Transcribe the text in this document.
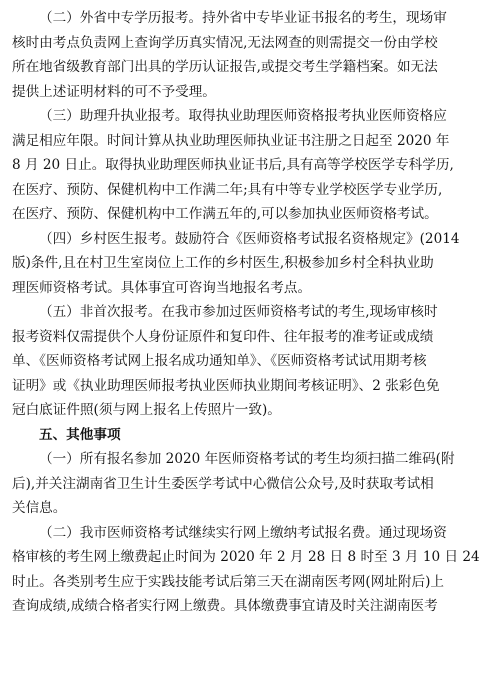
（二）外省中专学历报考。持外省中专毕业证书报名的考生，现场审
核时由考点负责网上查询学历真实情况,无法网查的则需提交一份由学校
所在地省级教育部门出具的学历认证报告,或提交考生学籍档案。如无法
提供上述证明材料的可不予受理。
（三）助理升执业报考。取得执业助理医师资格报考执业医师资格应
满足相应年限。时间计算从执业助理医师执业证书注册之日起至 2020 年
8 月 20 日止。取得执业助理医师执业证书后,具有高等学校医学专科学历,
在医疗、预防、保健机构中工作满二年;具有中等专业学校医学专业学历,
在医疗、预防、保健机构中工作满五年的,可以参加执业医师资格考试。
（四）乡村医生报考。鼓励符合《医师资格考试报名资格规定》(2014
版)条件,且在村卫生室岗位上工作的乡村医生,积极参加乡村全科执业助
理医师资格考试。具体事宜可咨询当地报名考点。
（五）非首次报考。在我市参加过医师资格考试的考生,现场审核时
报考资料仅需提供个人身份证原件和复印件、往年报考的准考证或成绩
单、《医师资格考试网上报名成功通知单》、《医师资格考试试用期考核
证明》或《执业助理医师报考执业医师执业期间考核证明》、2 张彩色免
冠白底证件照(须与网上报名上传照片一致)。
五、其他事项
（一）所有报名参加 2020 年医师资格考试的考生均须扫描二维码(附
后),并关注湖南省卫生计生委医学考试中心微信公众号,及时获取考试相
关信息。
（二）我市医师资格考试继续实行网上缴纳考试报名费。通过现场资
格审核的考生网上缴费起止时间为 2020 年 2 月 28 日 8 时至 3 月 10 日 24
时止。各类别考生应于实践技能考试后第三天在湖南医考网(网址附后)上
查询成绩,成绩合格者实行网上缴费。具体缴费事宜请及时关注湖南医考
